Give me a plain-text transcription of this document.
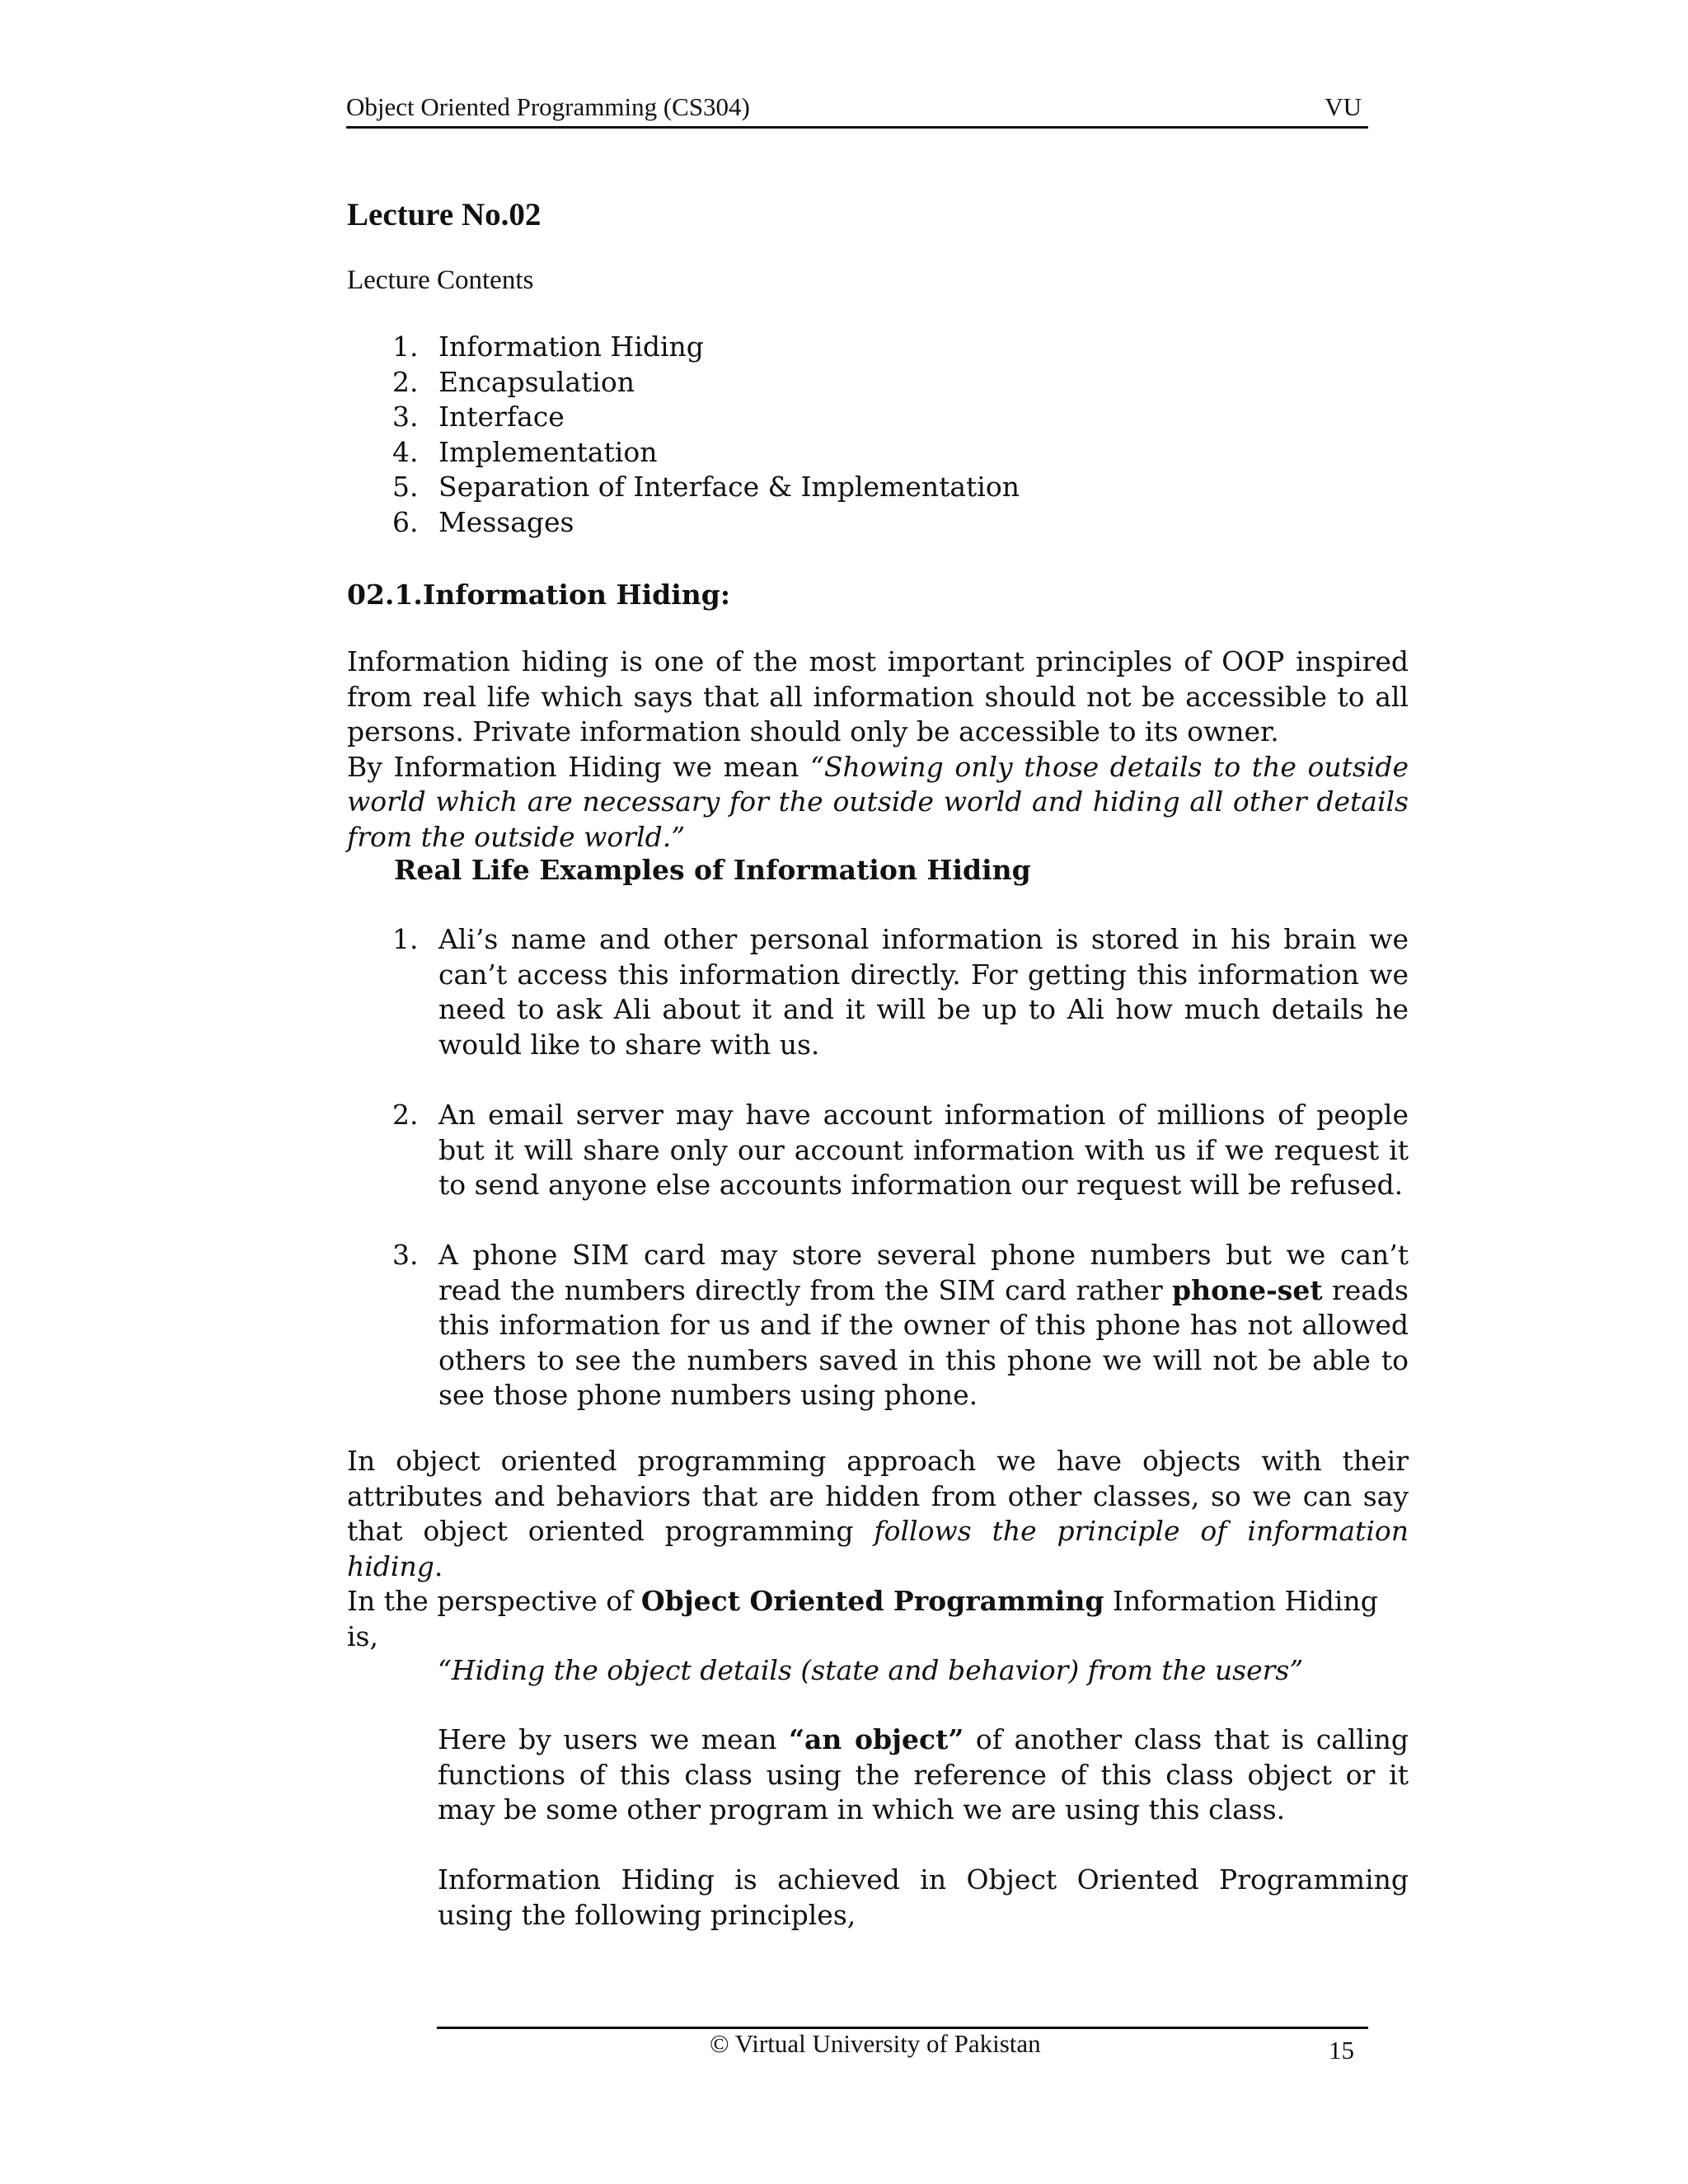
Object Oriented Programming (CS304)	VU
Lecture No.02
Lecture Contents
1. Information Hiding
2. Encapsulation
3. Interface
4. Implementation
5. Separation of Interface & Implementation
6. Messages
02.1.Information Hiding:
Information hiding is one of the most important principles of OOP inspired from real life which says that all information should not be accessible to all persons. Private information should only be accessible to its owner.
By Information Hiding we mean “Showing only those details to the outside world which are necessary for the outside world and hiding all other details from the outside world.”
Real Life Examples of Information Hiding
1. Ali’s name and other personal information is stored in his brain we can’t access this information directly. For getting this information we need to ask Ali about it and it will be up to Ali how much details he would like to share with us.
2. An email server may have account information of millions of people but it will share only our account information with us if we request it to send anyone else accounts information our request will be refused.
3. A phone SIM card may store several phone numbers but we can’t read the numbers directly from the SIM card rather phone-set reads this information for us and if the owner of this phone has not allowed others to see the numbers saved in this phone we will not be able to see those phone numbers using phone.
In object oriented programming approach we have objects with their attributes and behaviors that are hidden from other classes, so we can say that object oriented programming follows the principle of information hiding.
In the perspective of Object Oriented Programming Information Hiding is,
“Hiding the object details (state and behavior) from the users”
Here by users we mean “an object” of another class that is calling functions of this class using the reference of this class object or it may be some other program in which we are using this class.
Information Hiding is achieved in Object Oriented Programming using the following principles,
© Virtual University of Pakistan	15
